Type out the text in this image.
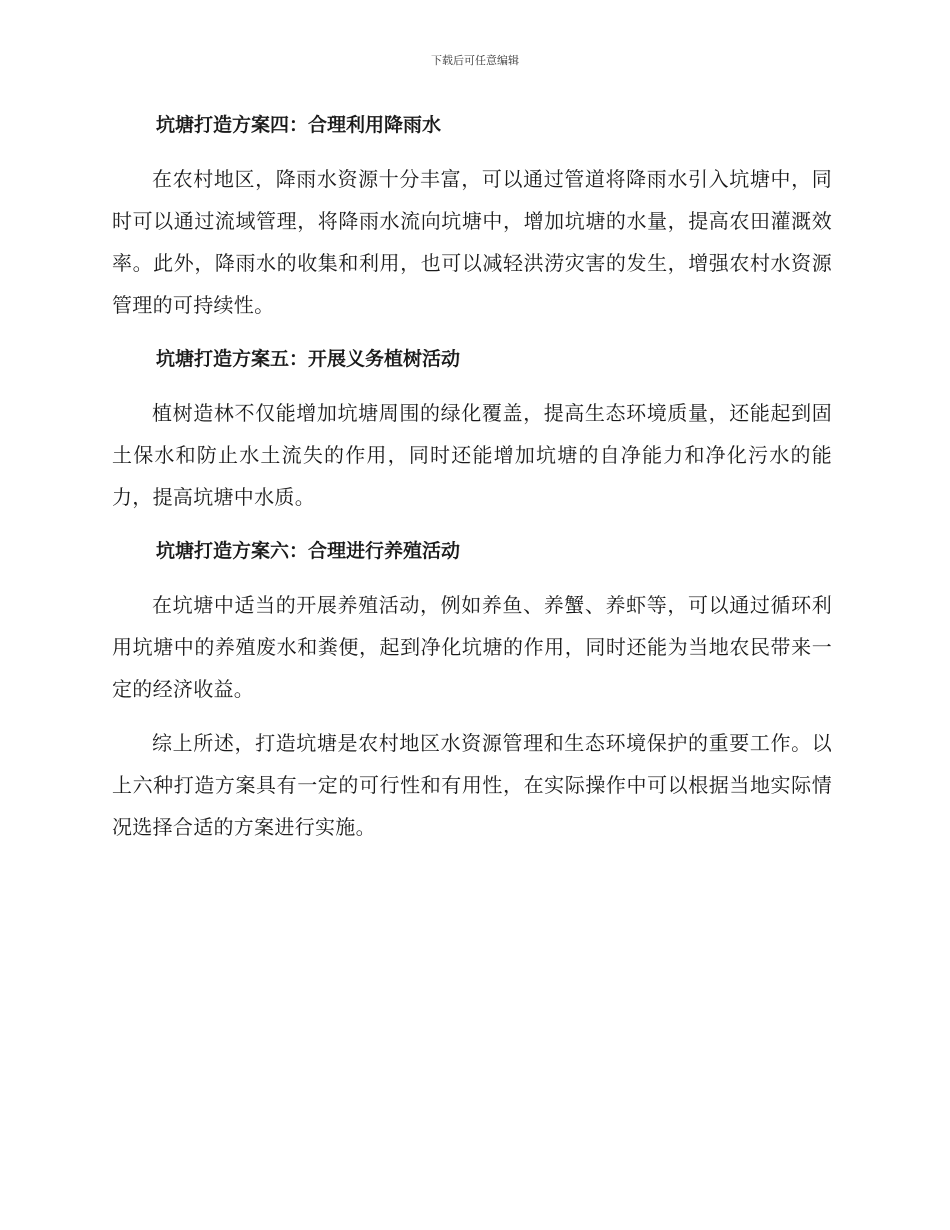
下载后可任意编辑
坑塘打造方案四：合理利用降雨水

在农村地区，降雨水资源十分丰富，可以通过管道将降雨水引入坑塘中，同时可以通过流域管理，将降雨水流向坑塘中，增加坑塘的水量，提高农田灌溉效率。此外，降雨水的收集和利用，也可以减轻洪涝灾害的发生，增强农村水资源管理的可持续性。

坑塘打造方案五：开展义务植树活动

植树造林不仅能增加坑塘周围的绿化覆盖，提高生态环境质量，还能起到固土保水和防止水土流失的作用，同时还能增加坑塘的自净能力和净化污水的能力，提高坑塘中水质。

坑塘打造方案六：合理进行养殖活动

在坑塘中适当的开展养殖活动，例如养鱼、养蟹、养虾等，可以通过循环利用坑塘中的养殖废水和粪便，起到净化坑塘的作用，同时还能为当地农民带来一定的经济收益。

综上所述，打造坑塘是农村地区水资源管理和生态环境保护的重要工作。以上六种打造方案具有一定的可行性和有用性，在实际操作中可以根据当地实际情况选择合适的方案进行实施。
